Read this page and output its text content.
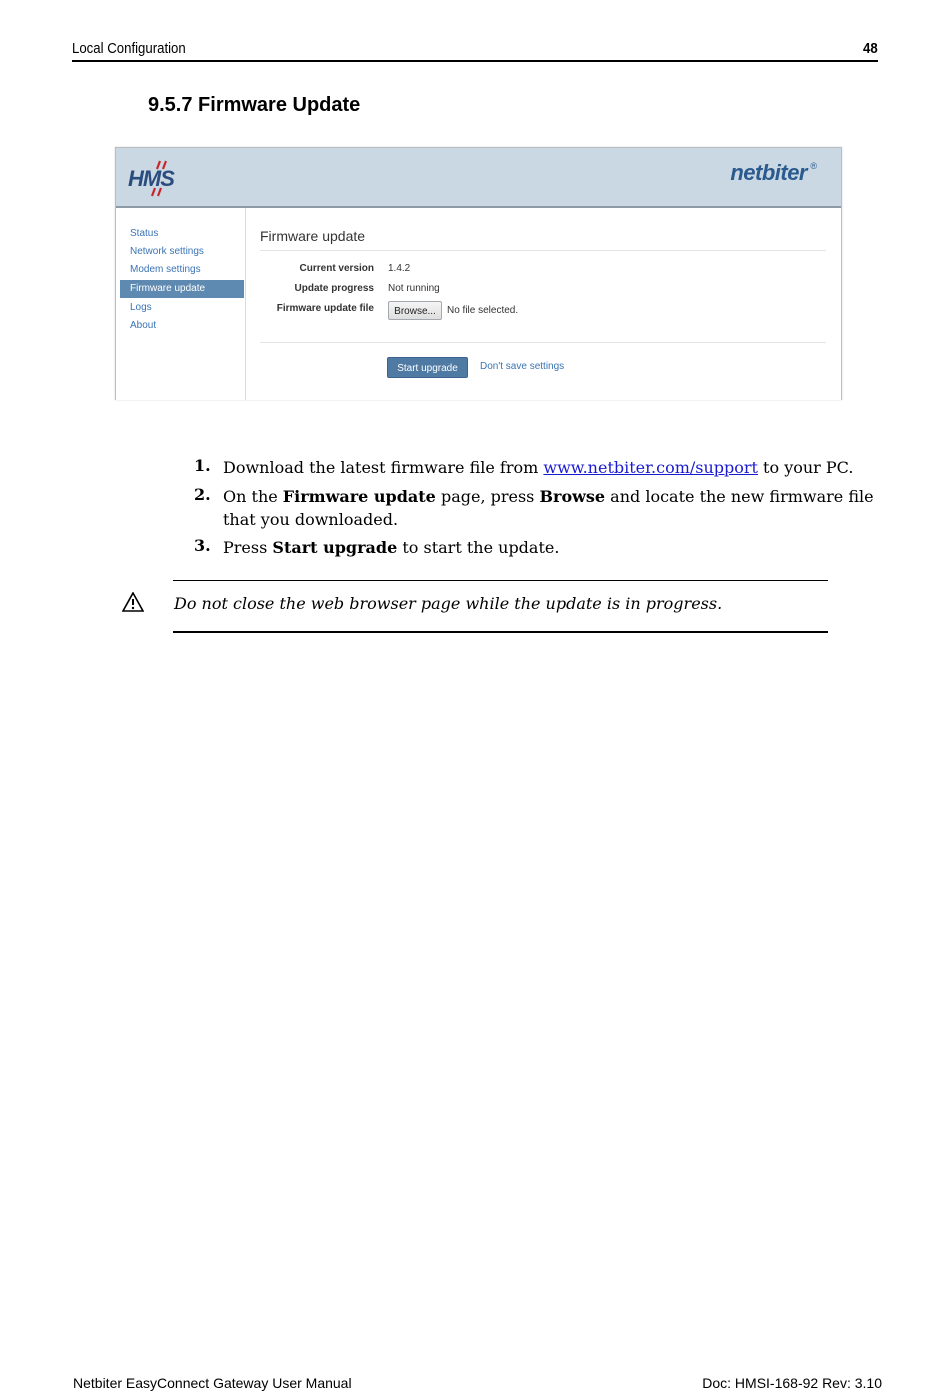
Local Configuration	48
9.5.7 Firmware Update
HMS	netbiter ®
Status
Network settings
Modem settings
Firmware update
Logs
About
Firmware update
Current version 1.4.2
Update progress Not running
Firmware update file	Browse...	No file selected.
Start upgrade	Don't save settings
1. Download the latest firmware file from www.netbiter.com/support to your PC.
2. On the Firmware update page, press Browse and locate the new firmware file that you downloaded.
3. Press Start upgrade to start the update.
Do not close the web browser page while the update is in progress.
Netbiter EasyConnect Gateway User Manual	Doc: HMSI-168-92 Rev: 3.10
